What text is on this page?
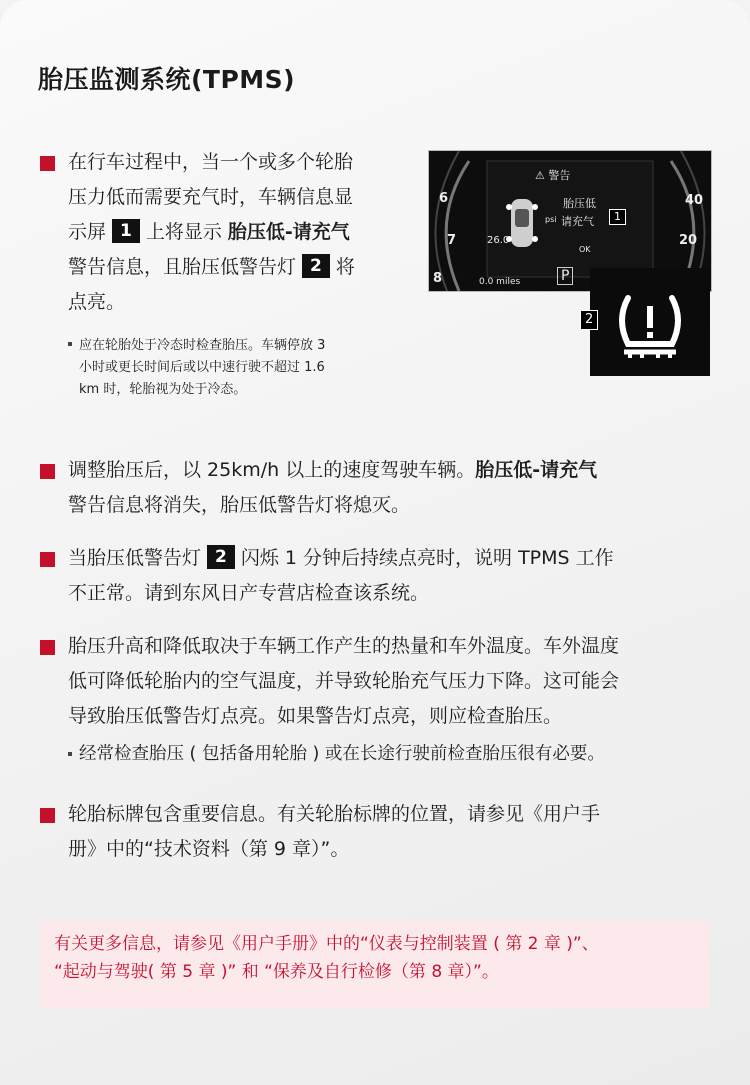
胎压监测系统(TPMS)
在行车过程中，当一个或多个轮胎
压力低而需要充气时，车辆信息显
示屏 1 上将显示 胎压低-请充气
警告信息，且胎压低警告灯 2 将
点亮。
应在轮胎处于冷态时检查胎压。车辆停放 3
小时或更长时间后或以中速行驶不超过 1.6
km 时，轮胎视为处于冷态。
6
7
8
40
20
⚠ 警告
胎压低
psi 请充气	1
26.0
OK
0.0 miles	P
2
调整胎压后，以 25km/h 以上的速度驾驶车辆。胎压低-请充气
警告信息将消失，胎压低警告灯将熄灭。
当胎压低警告灯 2 闪烁 1 分钟后持续点亮时，说明 TPMS 工作
不正常。请到东风日产专营店检查该系统。
胎压升高和降低取决于车辆工作产生的热量和车外温度。车外温度
低可降低轮胎内的空气温度，并导致轮胎充气压力下降。这可能会
导致胎压低警告灯点亮。如果警告灯点亮，则应检查胎压。
经常检查胎压 ( 包括备用轮胎 ) 或在长途行驶前检查胎压很有必要。
轮胎标牌包含重要信息。有关轮胎标牌的位置，请参见《用户手
册》中的“技术资料（第 9 章）”。
有关更多信息，请参见《用户手册》中的“仪表与控制装置 ( 第 2 章 )”、
“起动与驾驶( 第 5 章 )” 和 “保养及自行检修（第 8 章）”。
